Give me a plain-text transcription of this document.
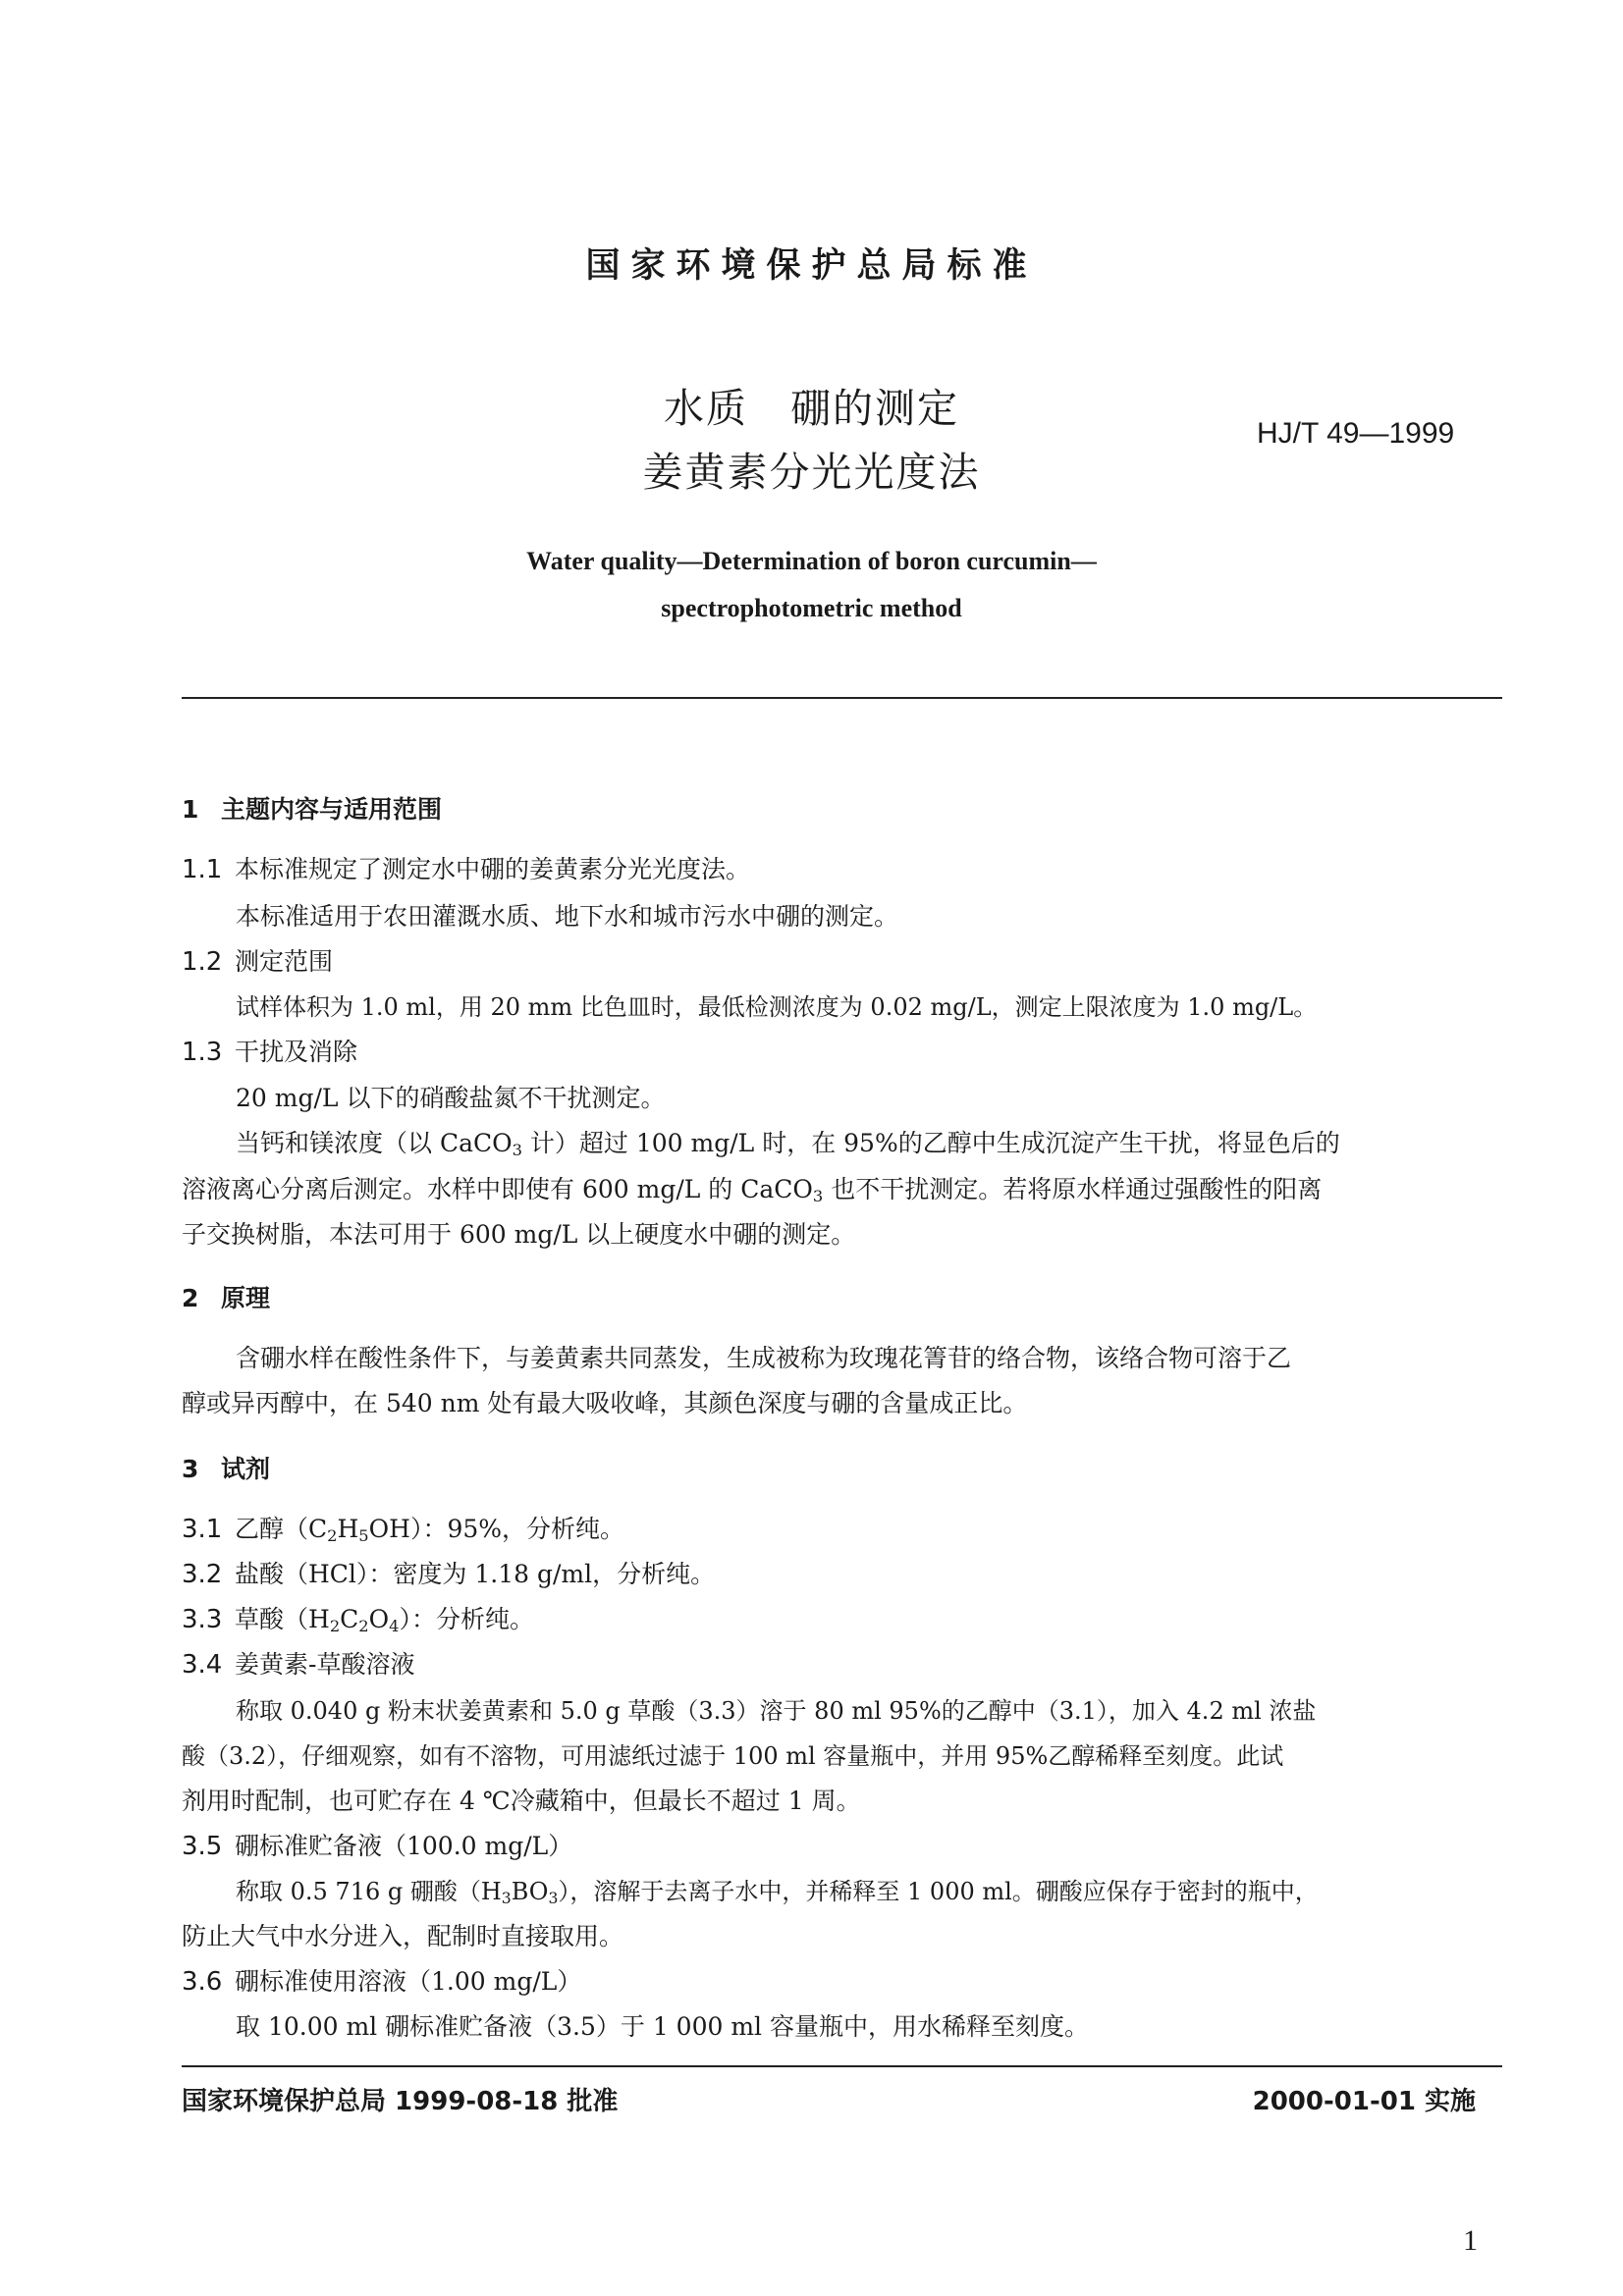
国家环境保护总局标准
水质　硼的测定
姜黄素分光光度法
HJ/T 49—1999
Water quality—Determination of boron curcumin—
spectrophotometric method
1 主题内容与适用范围
1.1 本标准规定了测定水中硼的姜黄素分光光度法。
本标准适用于农田灌溉水质、地下水和城市污水中硼的测定。
1.2 测定范围
试样体积为 1.0 ml，用 20 mm 比色皿时，最低检测浓度为 0.02 mg/L，测定上限浓度为 1.0 mg/L。
1.3 干扰及消除
20 mg/L 以下的硝酸盐氮不干扰测定。
当钙和镁浓度（以 CaCO$_3$ 计）超过 100 mg/L 时，在 95%的乙醇中生成沉淀产生干扰，将显色后的
溶液离心分离后测定。水样中即使有 600 mg/L 的 CaCO$_3$ 也不干扰测定。若将原水样通过强酸性的阳离
子交换树脂，本法可用于 600 mg/L 以上硬度水中硼的测定。
2 原理
含硼水样在酸性条件下，与姜黄素共同蒸发，生成被称为玫瑰花箐苷的络合物，该络合物可溶于乙
醇或异丙醇中，在 540 nm 处有最大吸收峰，其颜色深度与硼的含量成正比。
3 试剂
3.1 乙醇$(C_2H_5OH)$：95%，分析纯。
3.2 盐酸（HCl）：密度为 1.18 g/ml，分析纯。
3.3 草酸$(H_2C_2O_4)$：分析纯。
3.4 姜黄素-草酸溶液
称取 0.040 g 粉末状姜黄素和 5.0 g 草酸（3.3）溶于 80 ml 95%的乙醇中（3.1），加入 4.2 ml 浓盐
酸（3.2），仔细观察，如有不溶物，可用滤纸过滤于 100 ml 容量瓶中，并用 95%乙醇稀释至刻度。此试
剂用时配制，也可贮存在 4 ℃冷藏箱中，但最长不超过 1 周。
3.5 硼标准贮备液（100.0 mg/L）
称取 0.5 716 g 硼酸$(H_3BO_3)$，溶解于去离子水中，并稀释至 1 000 ml。硼酸应保存于密封的瓶中，
防止大气中水分进入，配制时直接取用。
3.6 硼标准使用溶液（1.00 mg/L）
取 10.00 ml 硼标准贮备液（3.5）于 1 000 ml 容量瓶中，用水稀释至刻度。
国家环境保护总局 1999-08-18 批准	2000-01-01 实施
1
